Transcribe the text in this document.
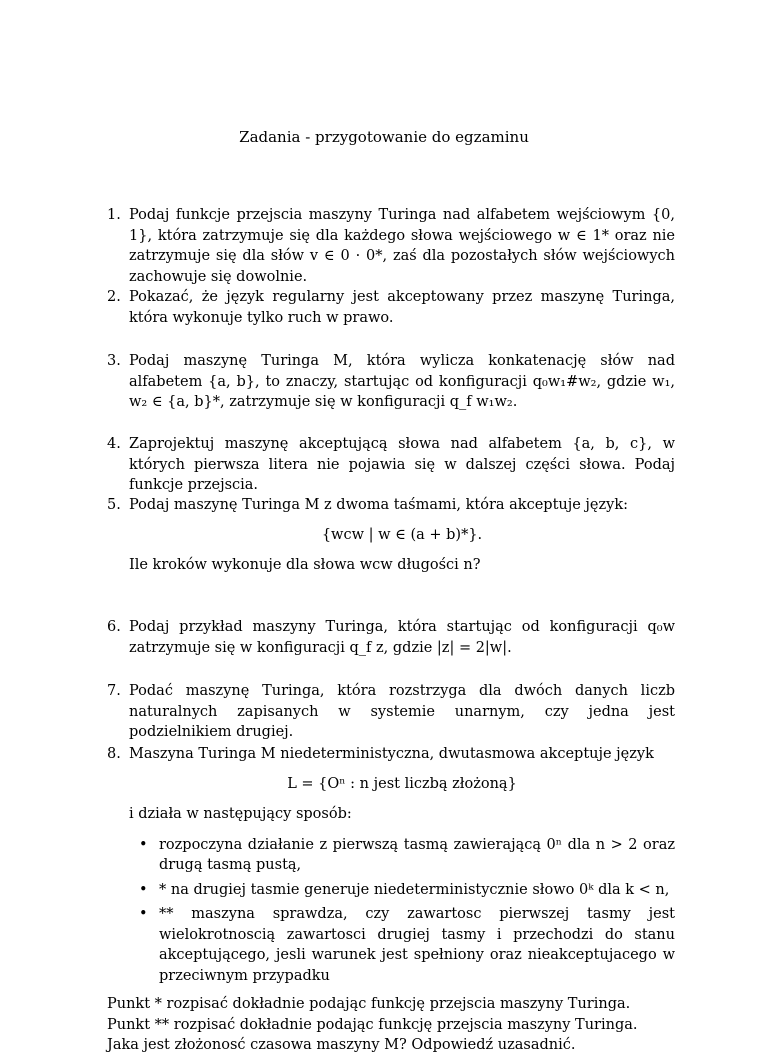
Zadania - przygotowanie do egzaminu
1. Podaj funkcje przejscia maszyny Turinga nad alfabetem wejściowym {0, 1}, która zatrzymuje się dla każdego słowa wejściowego w ∈ 1* oraz nie zatrzymuje się dla słów v ∈ 0 · 0*, zaś dla pozostałych słów wejściowych zachowuje się dowolnie.
2. Pokazać, że język regularny jest akceptowany przez maszynę Turinga, która wykonuje tylko ruch w prawo.
3. Podaj maszynę Turinga M, która wylicza konkatenację słów nad alfabetem {a, b}, to znaczy, startując od konfiguracji q₀w₁#w₂, gdzie w₁, w₂ ∈ {a, b}*, zatrzymuje się w konfiguracji q_f w₁w₂.
4. Zaprojektuj maszynę akceptującą słowa nad alfabetem {a, b, c}, w których pierwsza litera nie pojawia się w dalszej części słowa. Podaj funkcje przejscia.
5. Podaj maszynę Turinga M z dwoma taśmami, która akceptuje język:
{wcw | w ∈ (a + b)*}.
Ile kroków wykonuje dla słowa wcw długości n?
6. Podaj przykład maszyny Turinga, która startując od konfiguracji q₀w zatrzymuje się w konfiguracji q_f z, gdzie |z| = 2|w|.
7. Podać maszynę Turinga, która rozstrzyga dla dwóch danych liczb naturalnych zapisanych w systemie unarnym, czy jedna jest podzielnikiem drugiej.
8. Maszyna Turinga M niedeterministyczna, dwutasmowa akceptuje język
L = {Oⁿ : n jest liczbą złożoną}
i działa w następujący sposób:
• rozpoczyna działanie z pierwszą tasmą zawierającą 0ⁿ dla n > 2 oraz drugą tasmą pustą,
• * na drugiej tasmie generuje niedeterministycznie słowo 0ᵏ dla k < n,
• ** maszyna sprawdza, czy zawartosc pierwszej tasmy jest wielokrotnoscią zawartosci drugiej tasmy i przechodzi do stanu akceptującego, jesli warunek jest spełniony oraz nieakceptujacego w przeciwnym przypadku
Punkt * rozpisać dokładnie podając funkcję przejscia maszyny Turinga.
Punkt ** rozpisać dokładnie podając funkcję przejscia maszyny Turinga.
Jaka jest złożonosć czasowa maszyny M? Odpowiedź uzasadnić.
